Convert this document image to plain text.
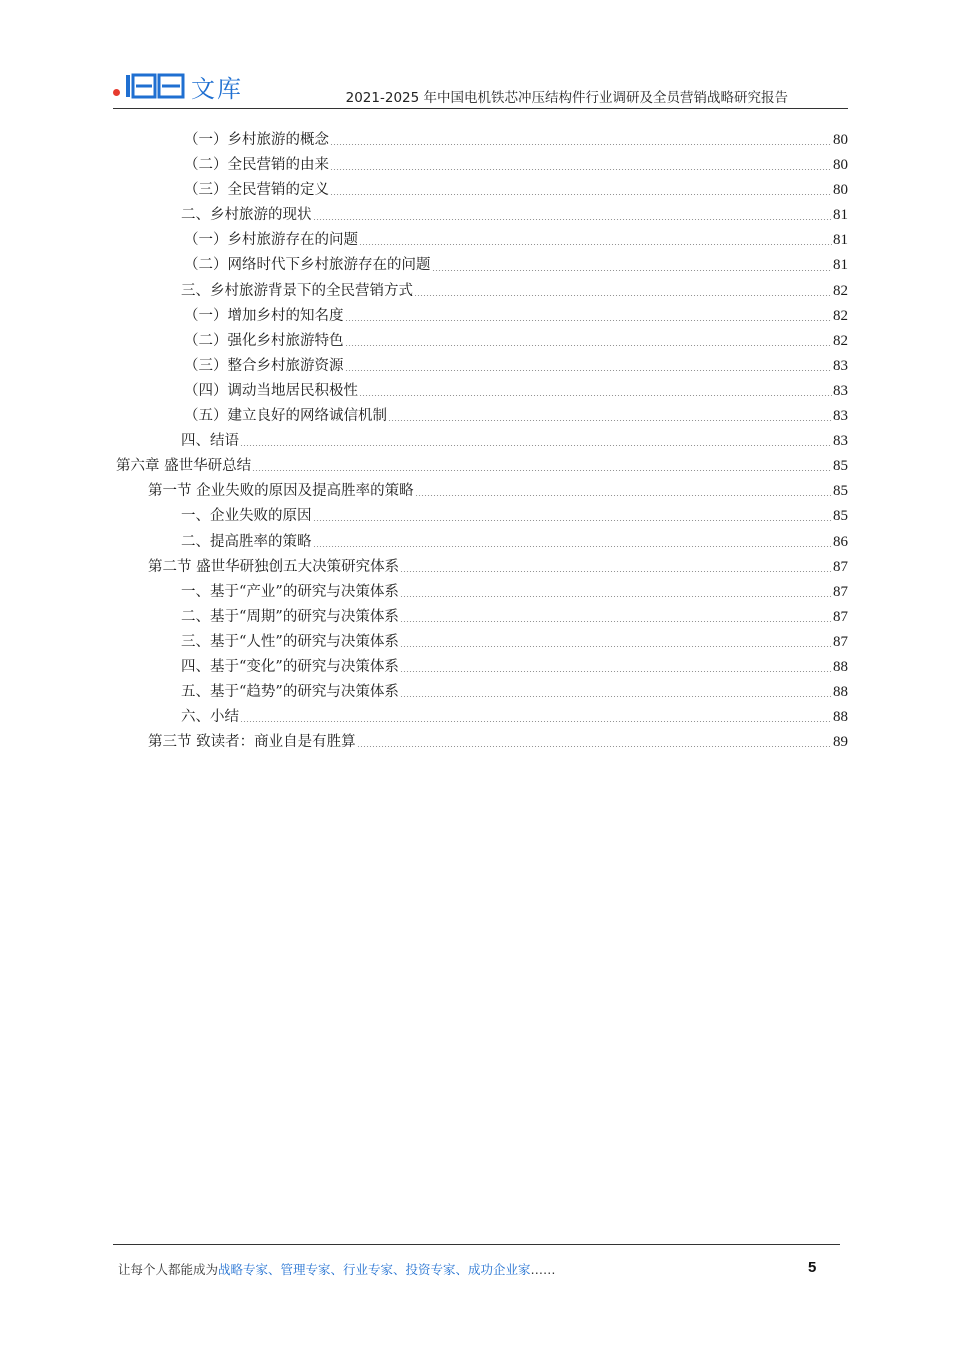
文库	2021-2025 年中国电机铁芯冲压结构件行业调研及全员营销战略研究报告
（一）乡村旅游的概念	80
（二）全民营销的由来	80
（三）全民营销的定义	80
二、乡村旅游的现状	81
（一）乡村旅游存在的问题	81
（二）网络时代下乡村旅游存在的问题	81
三、乡村旅游背景下的全民营销方式	82
（一）增加乡村的知名度	82
（二）强化乡村旅游特色	82
（三）整合乡村旅游资源	83
（四）调动当地居民积极性	83
（五）建立良好的网络诚信机制	83
四、结语	83
第六章 盛世华研总结	85
第一节 企业失败的原因及提高胜率的策略	85
一、企业失败的原因	85
二、提高胜率的策略	86
第二节 盛世华研独创五大决策研究体系	87
一、基于“产业”的研究与决策体系	87
二、基于“周期”的研究与决策体系	87
三、基于“人性”的研究与决策体系	87
四、基于“变化”的研究与决策体系	88
五、基于“趋势”的研究与决策体系	88
六、小结	88
第三节 致读者：商业自是有胜算	89
让每个人都能成为战略专家、管理专家、行业专家、投资专家、成功企业家……	5
